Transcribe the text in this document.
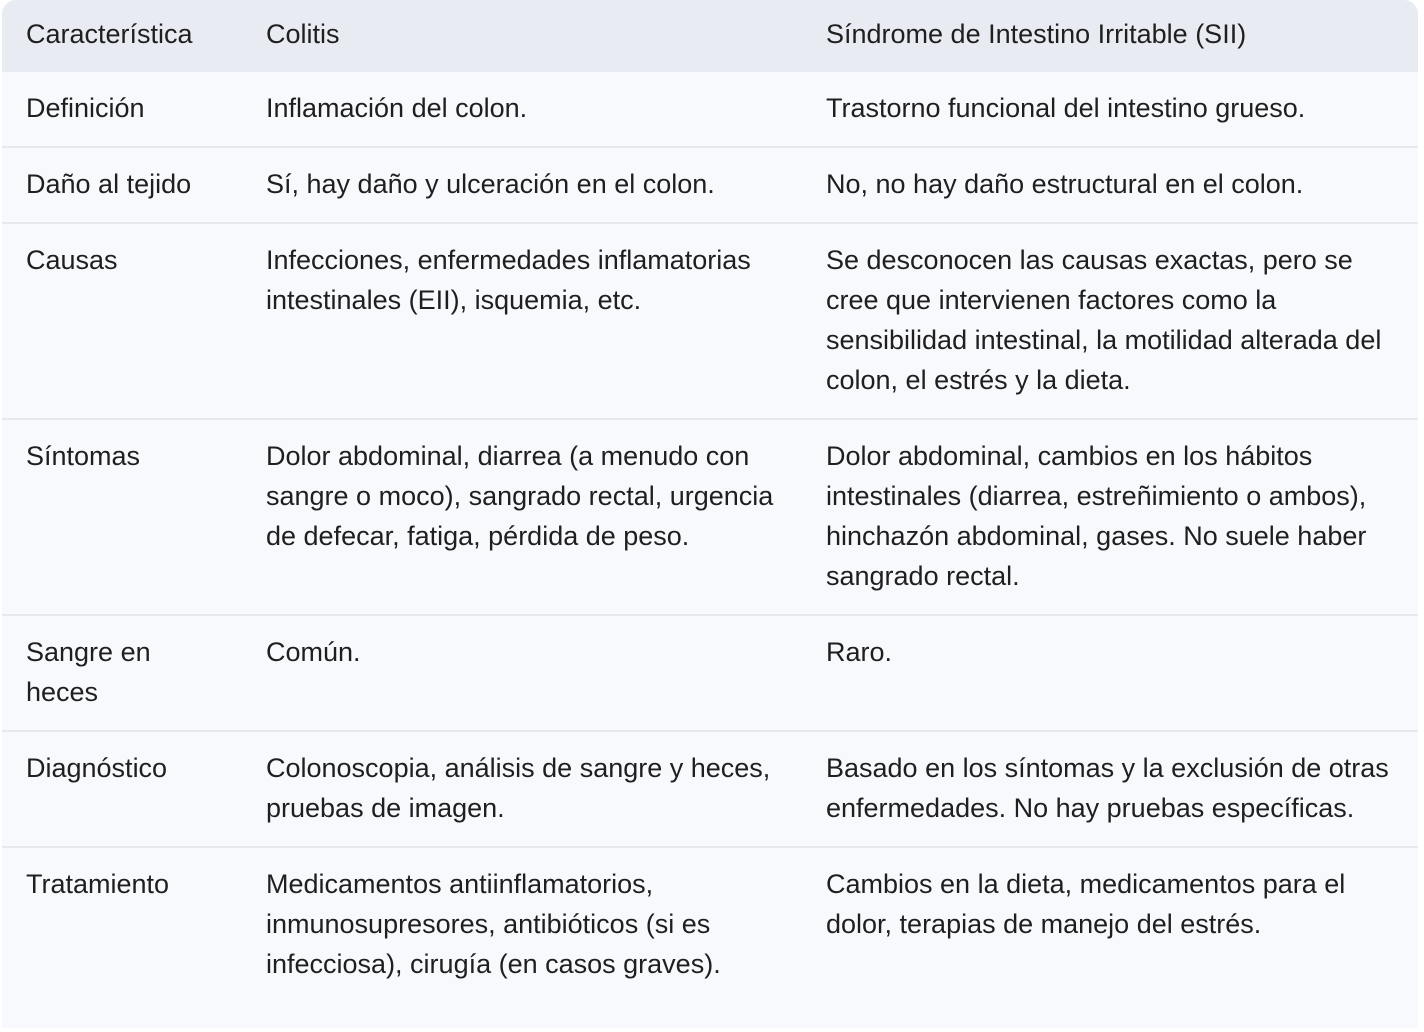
Característica	Colitis	Síndrome de Intestino Irritable (SII)
Definición	Inflamación del colon.	Trastorno funcional del intestino grueso.
Daño al tejido	Sí, hay daño y ulceración en el colon.	No, no hay daño estructural en el colon.
Causas	Infecciones, enfermedades inflamatorias intestinales (EII), isquemia, etc.	Se desconocen las causas exactas, pero se cree que intervienen factores como la sensibilidad intestinal, la motilidad alterada del colon, el estrés y la dieta.
Síntomas	Dolor abdominal, diarrea (a menudo con sangre o moco), sangrado rectal, urgencia de defecar, fatiga, pérdida de peso.	Dolor abdominal, cambios en los hábitos intestinales (diarrea, estreñimiento o ambos), hinchazón abdominal, gases. No suele haber sangrado rectal.
Sangre en heces	Común.	Raro.
Diagnóstico	Colonoscopia, análisis de sangre y heces, pruebas de imagen.	Basado en los síntomas y la exclusión de otras enfermedades. No hay pruebas específicas.
Tratamiento	Medicamentos antiinflamatorios, inmunosupresores, antibióticos (si es infecciosa), cirugía (en casos graves).	Cambios en la dieta, medicamentos para el dolor, terapias de manejo del estrés.
